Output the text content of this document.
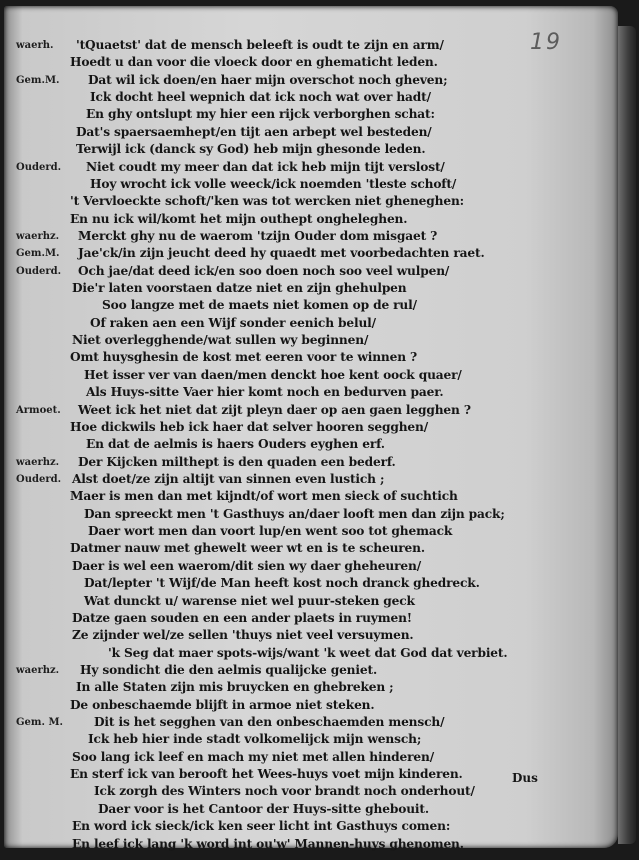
19
waerh. 'tQuaetst' dat de mensch beleeft is oudt te zijn en arm/
Hoedt u dan voor die vloeck door en ghematicht leden.
Gem.M. Dat wil ick doen/en haer mijn overschot noch gheven;
Ick docht heel wepnich dat ick noch wat over hadt/
En ghy ontslupt my hier een rijck verborghen schat:
Dat's spaersaemhept/en tijt aen arbept wel besteden/
Terwijl ick (danck sy God) heb mijn ghesonde leden.
Ouderd. Niet coudt my meer dan dat ick heb mijn tijt verslost/
Hoy wrocht ick volle weeck/ick noemden 'tleste schoft/
't Vervloeckte schoft/'ken was tot wercken niet gheneghen:
En nu ick wil/komt het mijn outhept ongheleghen.
waerhz. Merckt ghy nu de waerom 'tzijn Ouder dom misgaet ?
Gem.M. Jae'ck/in zijn jeucht deed hy quaedt met voorbedachten raet.
Ouderd. Och jae/dat deed ick/en soo doen noch soo veel wulpen/
Die'r laten voorstaen datze niet en zijn ghehulpen
Soo langze met de maets niet komen op de rul/
Of raken aen een Wijf sonder eenich belul/
Niet overlegghende/wat sullen wy beginnen/
Omt huysghesin de kost met eeren voor te winnen ?
Het isser ver van daen/men denckt hoe kent oock quaer/
Als Huys-sitte Vaer hier komt noch en bedurven paer.
Armoet. Weet ick het niet dat zijt pleyn daer op aen gaen legghen ?
Hoe dickwils heb ick haer dat selver hooren segghen/
En dat de aelmis is haers Ouders eyghen erf.
waerhz. Der Kijcken milthept is den quaden een bederf.
Ouderd. Alst doet/ze zijn altijt van sinnen even lustich ;
Maer is men dan met kijndt/of wort men sieck of suchtich
Dan spreeckt men 't Gasthuys an/daer looft men dan zijn pack;
Daer wort men dan voort lup/en went soo tot ghemack
Datmer nauw met ghewelt weer wt en is te scheuren.
Daer is wel een waerom/dit sien wy daer gheheuren/
Dat/lepter 't Wijf/de Man heeft kost noch dranck ghedreck.
Wat dunckt u/ warense niet wel puur-steken geck
Datze gaen souden en een ander plaets in ruymen!
Ze zijnder wel/ze sellen 'thuys niet veel versuymen.
'k Seg dat maer spots-wijs/want 'k weet dat God dat verbiet.
waerhz. Hy sondicht die den aelmis qualijcke geniet.
In alle Staten zijn mis bruycken en ghebreken ;
De onbeschaemde blijft in armoe niet steken.
Gem. M.	Dit is het segghen van den onbeschaemden mensch/
Ick heb hier inde stadt volkomelijck mijn wensch;
Soo lang ick leef en mach my niet met allen hinderen/
En sterf ick van berooft het Wees-huys voet mijn kinderen.
Ick zorgh des Winters noch voor brandt noch onderhout/
Daer voor is het Cantoor der Huys-sitte ghebouit.
En word ick sieck/ick ken seer licht int Gasthuys comen:
En leef ick lang 'k word int ou'w' Mannen-huys ghenomen.
Dus
